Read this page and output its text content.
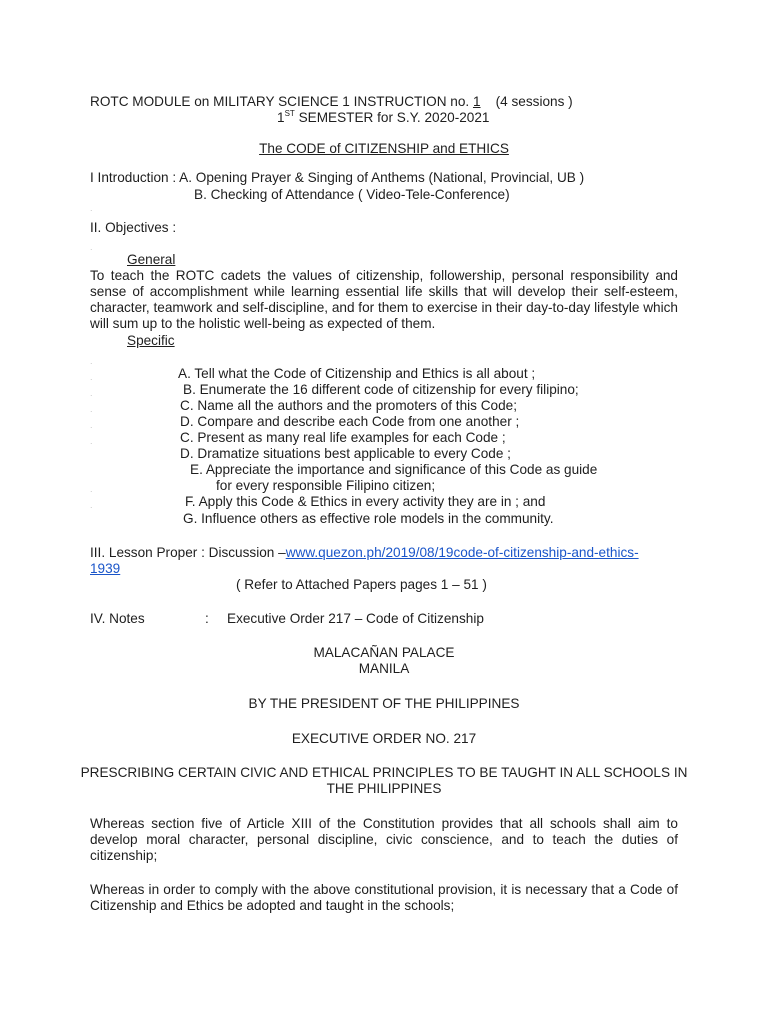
ROTC MODULE on MILITARY SCIENCE 1 INSTRUCTION no. 1 (4 sessions )
1ST SEMESTER for S.Y. 2020-2021
The CODE of CITIZENSHIP and ETHICS
I Introduction : A. Opening Prayer & Singing of Anthems (National, Provincial, UB )
B. Checking of Attendance ( Video-Tele-Conference)
.
II. Objectives :
.
General
To teach the ROTC cadets the values of citizenship, followership, personal responsibility and sense of accomplishment while learning essential life skills that will develop their self-esteem, character, teamwork and self-discipline, and for them to exercise in their day-to-day lifestyle which will sum up to the holistic well-being as expected of them.
Specific
.
A. Tell what the Code of Citizenship and Ethics is all about ;
.
B. Enumerate the 16 different code of citizenship for every filipino;
.
C. Name all the authors and the promoters of this Code;
.
D. Compare and describe each Code from one another ;
.
C. Present as many real life examples for each Code ;
.
D. Dramatize situations best applicable to every Code ;
E. Appreciate the importance and significance of this Code as guide
for every responsible Filipino citizen;
.
F. Apply this Code & Ethics in every activity they are in ; and
.
G. Influence others as effective role models in the community.
III. Lesson Proper : Discussion –www.quezon.ph/2019/08/19code-of-citizenship-and-ethics-
1939
( Refer to Attached Papers pages 1 – 51 )
IV. Notes	: Executive Order 217 – Code of Citizenship
MALACAÑAN PALACE
MANILA
BY THE PRESIDENT OF THE PHILIPPINES
EXECUTIVE ORDER NO. 217
PRESCRIBING CERTAIN CIVIC AND ETHICAL PRINCIPLES TO BE TAUGHT IN ALL SCHOOLS IN
THE PHILIPPINES
Whereas section five of Article XIII of the Constitution provides that all schools shall aim to develop moral character, personal discipline, civic conscience, and to teach the duties of citizenship;
Whereas in order to comply with the above constitutional provision, it is necessary that a Code of Citizenship and Ethics be adopted and taught in the schools;
